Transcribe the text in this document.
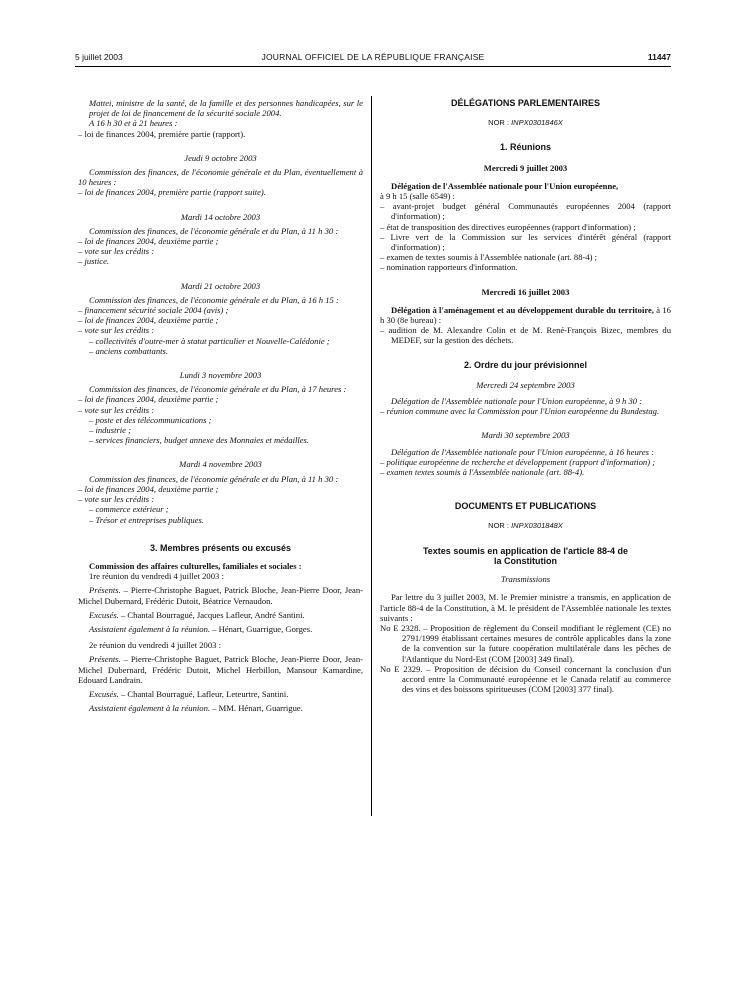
5 juillet 2003	JOURNAL OFFICIEL DE LA RÉPUBLIQUE FRANÇAISE	11447

Mattei, ministre de la santé, de la famille et des personnes handicapées, sur le projet de loi de financement de la sécurité sociale 2004.

A 16 h 30 et à 21 heures :

– loi de finances 2004, première partie (rapport).

Jeudi 9 octobre 2003

Commission des finances, de l'économie générale et du Plan, éventuellement à 10 heures :

– loi de finances 2004, première partie (rapport suite).

Mardi 14 octobre 2003

Commission des finances, de l'économie générale et du Plan, à 11 h 30 :

– loi de finances 2004, deuxième partie ;

– vote sur les crédits :

– justice.

Mardi 21 octobre 2003

Commission des finances, de l'économie générale et du Plan, à 16 h 15 :

– financement sécurité sociale 2004 (avis) ;

– loi de finances 2004, deuxième partie ;

– vote sur les crédits :

– collectivités d'outre-mer à statut particulier et Nouvelle-Calédonie ;

– anciens combattants.

Lundi 3 novembre 2003

Commission des finances, de l'économie générale et du Plan, à 17 heures :

– loi de finances 2004, deuxième partie ;

– vote sur les crédits :

– poste et des télécommunications ;

– industrie ;

– services financiers, budget annexe des Monnaies et médailles.

Mardi 4 novembre 2003

Commission des finances, de l'économie générale et du Plan, à 11 h 30 :

– loi de finances 2004, deuxième partie ;

– vote sur les crédits :

– commerce extérieur ;

– Trésor et entreprises publiques.

3. Membres présents ou excusés

Commission des affaires culturelles, familiales et sociales :

1re réunion du vendredi 4 juillet 2003 :

Présents. – Pierre-Christophe Baguet, Patrick Bloche, Jean-Pierre Door, Jean-Michel Dubernard, Frédéric Dutoit, Béatrice Vernaudon.

Excusés. – Chantal Bourragué, Jacques Lafleur, André Santini.

Assistaient également à la réunion. – Hénart, Guarrigue, Gorges.

2e réunion du vendredi 4 juillet 2003 :

Présents. – Pierre-Christophe Baguet, Patrick Bloche, Jean-Pierre Door, Jean-Michel Dubernard, Frédéric Dutoit, Michel Herbillon, Mansour Kamardine, Edouard Landrain.

Excusés. – Chantal Bourragué, Lafleur, Leteurtre, Santini.

Assistaient également à la réunion. – MM. Hénart, Guarrigue.

DÉLÉGATIONS PARLEMENTAIRES

NOR : INPX0301846X

1. Réunions

Mercredi 9 juillet 2003

Délégation de l'Assemblée nationale pour l'Union européenne,

à 9 h 15 (salle 6549) :

– avant-projet budget général Communautés européennes 2004 (rapport d'information) ;

– état de transposition des directives européennes (rapport d'information) ;

– Livre vert de la Commission sur les services d'intérêt général (rapport d'information) ;

– examen de textes soumis à l'Assemblée nationale (art. 88-4) ;

– nomination rapporteurs d'information.

Mercredi 16 juillet 2003

Délégation à l'aménagement et au développement durable du territoire, à 16 h 30 (8e bureau) :

– audition de M. Alexandre Colin et de M. René-François Bizec, membres du MEDEF, sur la gestion des déchets.

2. Ordre du jour prévisionnel

Mercredi 24 septembre 2003

Délégation de l'Assemblée nationale pour l'Union européenne, à 9 h 30 :

– réunion commune avec la Commission pour l'Union européenne du Bundestag.

Mardi 30 septembre 2003

Délégation de l'Assemblée nationale pour l'Union européenne, à 16 heures :

– politique européenne de recherche et développement (rapport d'information) ;

– examen textes soumis à l'Assemblée nationale (art. 88-4).

DOCUMENTS ET PUBLICATIONS

NOR : INPX0301848X

Textes soumis en application de l'article 88-4 de la Constitution

Transmissions

Par lettre du 3 juillet 2003, M. le Premier ministre a transmis, en application de l'article 88-4 de la Constitution, à M. le président de l'Assemblée nationale les textes suivants :

No E 2328. – Proposition de règlement du Conseil modifiant le règlement (CE) no 2791/1999 établissant certaines mesures de contrôle applicables dans la zone de la convention sur la future coopération multilatérale dans les pêches de l'Atlantique du Nord-Est (COM [2003] 349 final).

No E 2329. – Proposition de décision du Conseil concernant la conclusion d'un accord entre la Communauté européenne et le Canada relatif au commerce des vins et des boissons spiritueuses (COM [2003] 377 final).
